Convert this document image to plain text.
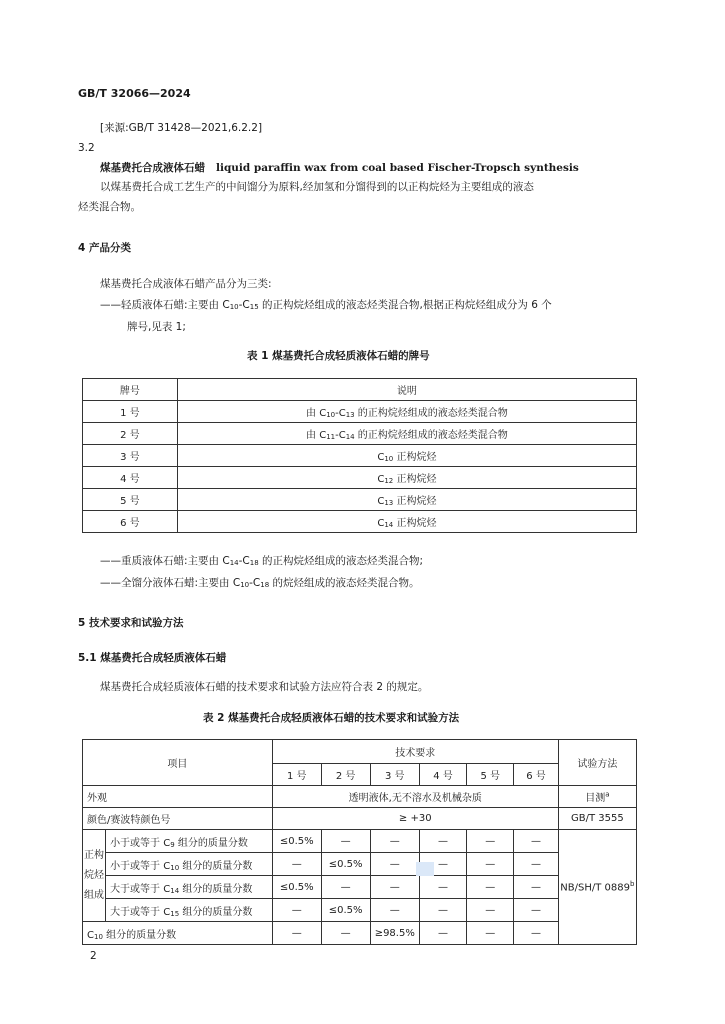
GB/T 32066—2024
[来源:GB/T 31428—2021,6.2.2]
3.2
煤基费托合成液体石蜡 liquid paraffin wax from coal based Fischer-Tropsch synthesis
以煤基费托合成工艺生产的中间馏分为原料,经加氢和分馏得到的以正构烷烃为主要组成的液态
烃类混合物。
4 产品分类
煤基费托合成液体石蜡产品分为三类:
——轻质液体石蜡:主要由 $C_{10}-C_{15}$ 的正构烷烃组成的液态烃类混合物,根据正构烷烃组成分为 6 个
牌号,见表 1;
表 1 煤基费托合成轻质液体石蜡的牌号
牌号	说明
1 号	由 $C_{10}-C_{13}$ 的正构烷烃组成的液态烃类混合物
2 号	由 $C_{11}-C_{14}$ 的正构烷烃组成的液态烃类混合物
3 号	$C_{10}$ 正构烷烃
4 号	$C_{12}$ 正构烷烃
5 号	$C_{13}$ 正构烷烃
6 号	$C_{14}$ 正构烷烃
——重质液体石蜡:主要由 $C_{14}-C_{18}$ 的正构烷烃组成的液态烃类混合物;
——全馏分液体石蜡:主要由 $C_{10}-C_{18}$ 的烷烃组成的液态烃类混合物。
5 技术要求和试验方法
5.1 煤基费托合成轻质液体石蜡
煤基费托合成轻质液体石蜡的技术要求和试验方法应符合表 2 的规定。
表 2 煤基费托合成轻质液体石蜡的技术要求和试验方法
项目		技术要求						试验方法
		1 号	2 号	3 号	4 号	5 号	6 号	
外观		透明液体,无不溶水及机械杂质						目测$^a$
颜色/赛波特颜色号		≥ +30						GB/T 3555

正构
烷烃
组成	小于或等于 $C_9$ 组分的质量分数	≤0.5%	—	—	—	—	—	NB/SH/T 0889$^b$
	小于或等于 $C_{10}$ 组分的质量分数	—	≤0.5%	—	—	—	—	
	大于或等于 $C_{14}$ 组分的质量分数	≤0.5%	—	—	—	—	—	
	大于或等于 $C_{15}$ 组分的质量分数	—	≤0.5%	—	—	—	—	
$C_{10}$ 组分的质量分数		—	—	≥98.5%	—	—	—	
2
